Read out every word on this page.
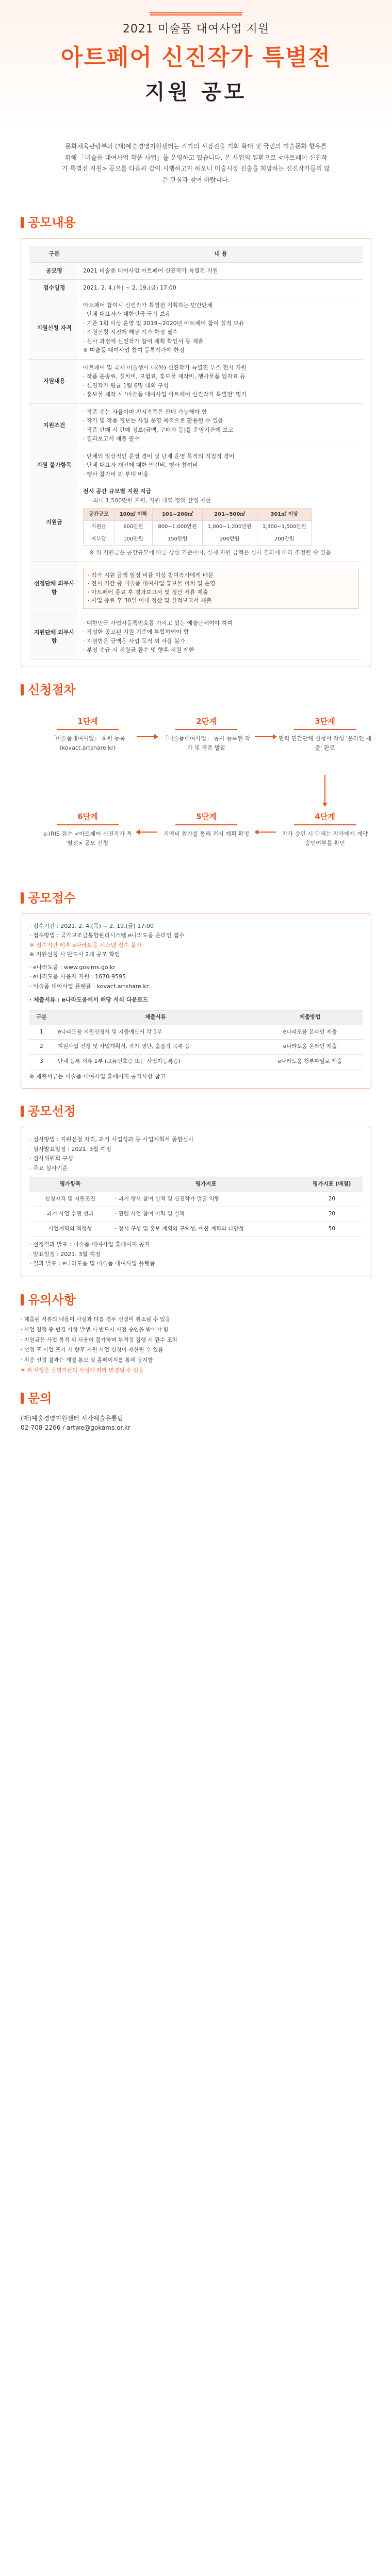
2021 미술품 대여사업 지원
아트페어 신진작가 특별전
지원 공모
문화체육관광부와 (재)예술경영지원센터는 작가의 시장진출 기회 확대 및 국민의 미술문화 향유를 위해 「미술품 대여사업 작품 사업」을 운영하고 있습니다. 본 사업의 일환으로 <아트페어 신진작가 특별전 지원> 공모를 다음과 같이 시행하고자 하오니 미술시장 진출을 희망하는 신진작가들의 많은 관심과 참여 바랍니다.
공모내용
구분	내 용
공모명	2021 미술품 대여사업 아트페어 신진작가 특별전 지원

접수일정	2021. 2. 4.(목) ~ 2. 19.(금) 17:00

지원신청 자격	
아트페어 참여시 신진작가 특별전 기획하는 민간단체
· 단체 대표자가 대한민국 국적 보유
· 기존 1회 이상 운영 및 2019~2020년 아트페어 참여 실적 보유
· 지원신청 시점에 해당 작가 한정 필수
· 심사 과정에 신진작가 참여 계획 확인서 등 제출
※ 미술품 대여사업 참여 등록작가에 한정

지원내용	
아트페어 및 국제 미술행사 내(外) 신진작가 특별전 부스 전시 지원
· 작품 운송료, 설치비, 보험료, 홍보물 제작비, 행사물품 임차료 등
· 신진작가 평균 1팀 6명 내외 구성
· 홍보물 제작 시 '미술품 대여사업 아트페어 신진작가 특별전' 명기

지원조건	
· 작품 수는 자율이며 전시작품은 판매 가능해야 함
· 작가 및 작품 정보는 사업 운영 목적으로 활용될 수 있음
· 작품 판매 시 판매 정보(금액, 구매자 등)를 운영기관에 보고
· 결과보고서 제출 필수

지원 불가항목	
· 단체의 일상적인 운영 경비 및 단체 운영 목적의 직접적 경비
· 단체 대표자 개인에 대한 인건비, 행사 참여비
· 행사 참가비 외 부대 비용

지원금	
전시 공간 규모별 지원 지급
· 최대 1,500만원 지원, 지원 내역 정액 산정 제한
공간규모	100㎡ 이하	101~200㎡	201~500㎡	301㎡ 이상
지원금	600만원	800~1,000만원	1,000~1,200만원	1,300~1,500만원
자부담	100만원	150만원	200만원	200만원
※ 위 지원금은 공간규모에 따른 상한 기준이며, 실제 지원 금액은 심사 결과에 따라 조정될 수 있음

선정단체 의무사항	
· 작가 지원 금액 일정 비율 이상 참여작가에게 배분
· 전시 기간 중 미술품 대여사업 홍보물 비치 및 운영
· 아트페어 종료 후 결과보고서 및 정산 서류 제출
· 사업 종료 후 30일 이내 정산 및 실적보고서 제출

지원단체 의무사항	
· 대한민국 사업자등록번호를 가지고 있는 예술단체여야 하며
· 작성한 공고된 지원 기준에 부합하여야 함
· 지원받은 금액은 사업 목적 외 사용 불가
· 부정 수급 시 지원금 환수 및 향후 지원 제한
신청절차
1단계
「미술품대여사업」 회원 등록 (kovact.artshare.kr)
2단계
「미술품대여사업」 공사 등록된 작가 및 작품 발굴
3단계
협력 민간단체 신청서 작성 '온라인 제출' 완료
4단계
작가 승인 시 단체는 작가에게 계약 승인여부를 확인
5단계
지역비 참가를 통해 전시 계획 확정
6단계
e-IRIS 접수 <아트페어 신진작가 특별전> 공모 신청
공모접수
· 접수기간 : 2021. 2. 4.(목) ~ 2. 19.(금) 17:00
· 접수방법 : 국가보조금통합관리시스템 e나라도움 온라인 접수
※ 접수기간 이후 e나라도움 시스템 접수 불가
※ 지원신청 시 반드시 2개 공모 확인
· e나라도움 : www.gosims.go.kr
· e나라도움 사용자 지원 : 1670-9595
· 미술품 대여사업 플랫폼 : kovact.artshare.kr
· 제출서류 : e나라도움에서 해당 서식 다운로드
구분	제출서류	제출방법
1	e나라도움 지원신청서 및 지출예산서 각 1부	e나라도움 온라인 제출
2	지원사업 신청 및 사업계획서, 작가 명단, 출품작 목록 등	e나라도움 온라인 제출
3	단체 등록 서류 1부 (고유번호증 또는 사업자등록증)	e나라도움 첨부파일로 제출
※ 제출서류는 미술품 대여사업 홈페이지 공지사항 참고
공모선정
· 심사방법 : 지원신청 자격, 과거 사업성과 등 사업계획서 종합심사
· 심사발표일정 : 2021. 3월 예정
· 심사위원회 구성
· 주요 심사기준
평가항목	평가지표	평가지표 (배점)
신청자격 및 지원조건	· 과거 행사 참여 실적 및 신진작가 발굴 역량	20
과거 사업 수행 성과	· 관련 사업 참여 이력 및 실적	30
사업계획의 적정성	· 전시 구성 및 홍보 계획의 구체성, 예산 계획의 타당성	50
· 선정결과 발표 : 미술품 대여사업 홈페이지 공지
· 발표일정 : 2021. 3월 예정
· 결과 발표 : e나라도움 및 미술품 대여사업 플랫폼
유의사항
· 제출된 서류의 내용이 사실과 다를 경우 선정이 취소될 수 있음
· 사업 진행 중 변경 사항 발생 시 반드시 사전 승인을 받아야 함
· 지원금은 사업 목적 외 사용이 불가하며 부적정 집행 시 환수 조치
· 선정 후 사업 포기 시 향후 지원 사업 신청이 제한될 수 있음
· 최종 선정 결과는 개별 통보 및 홈페이지를 통해 공지함
※ 위 사항은 운영기관의 사정에 따라 변경될 수 있음
문의
(재)예술경영지원센터 시각예술유통팀
02-708-2266 / artwe@gokams.or.kr
